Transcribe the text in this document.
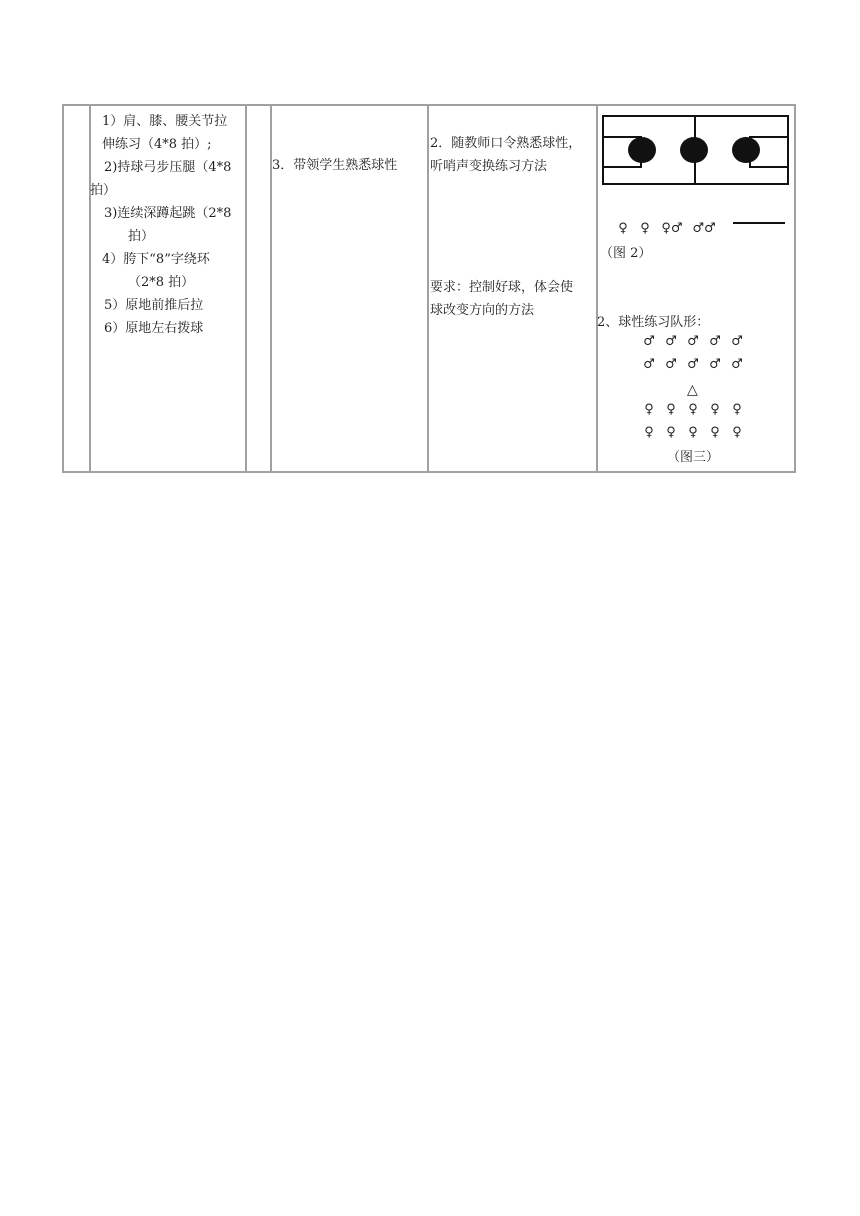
1）肩、膝、腰关节拉
伸练习（4*8 拍）;
2)持球弓步压腿（4*8
拍）
3)连续深蹲起跳（2*8
拍）
4）胯下“8”字绕环
（2*8 拍）
5）原地前推后拉
6）原地左右拨球
3．带领学生熟悉球性
2．随教师口令熟悉球性，
听哨声变换练习方法
要求：控制好球，体会使
球改变方向的方法
♀ ♀ ♀♂ ♂♂
（图 2）
2、球性练习队形：
♂ ♂ ♂ ♂ ♂
♂ ♂ ♂ ♂ ♂
△
♀ ♀ ♀ ♀ ♀
♀ ♀ ♀ ♀ ♀
（图三）
